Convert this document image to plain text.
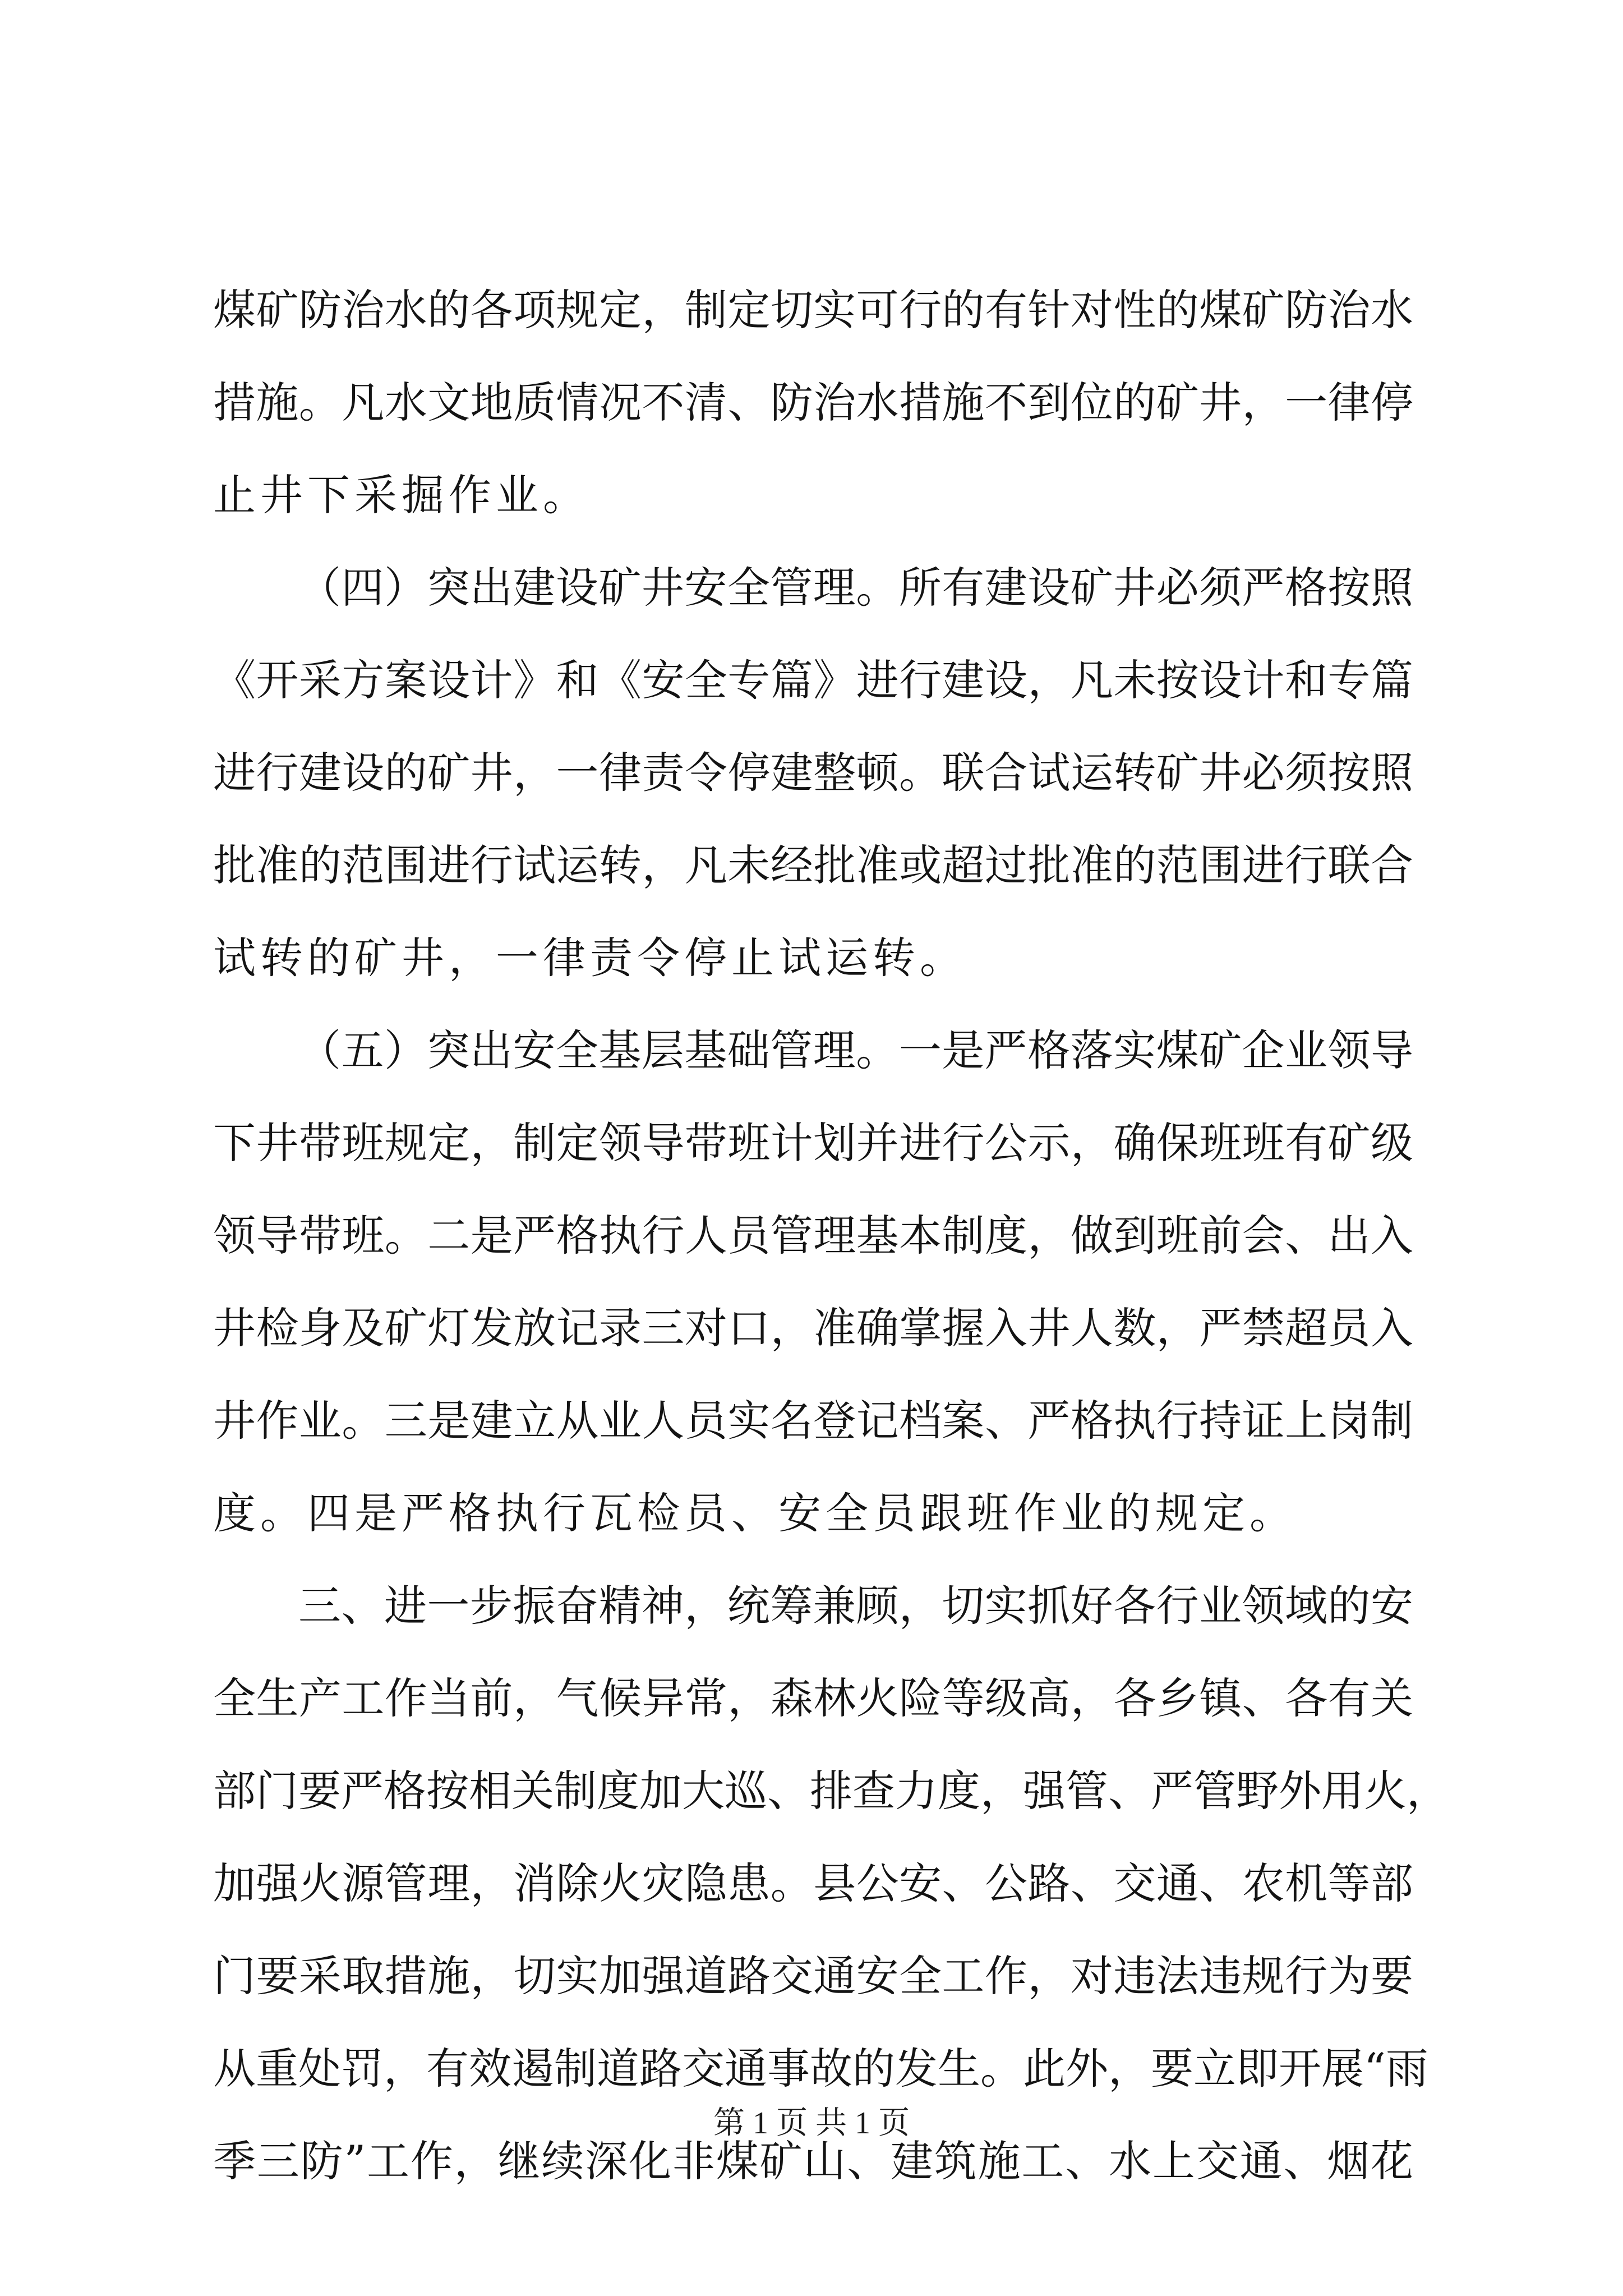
煤矿防治水的各项规定，制定切实可行的有针对性的煤矿防治水
措施。凡水文地质情况不清、防治水措施不到位的矿井，一律停
止井下采掘作业。
（四）突出建设矿井安全管理。所有建设矿井必须严格按照
《开采方案设计》和《安全专篇》进行建设，凡未按设计和专篇
进行建设的矿井，一律责令停建整顿。联合试运转矿井必须按照
批准的范围进行试运转，凡未经批准或超过批准的范围进行联合
试转的矿井，一律责令停止试运转。
（五）突出安全基层基础管理。一是严格落实煤矿企业领导
下井带班规定，制定领导带班计划并进行公示，确保班班有矿级
领导带班。二是严格执行人员管理基本制度，做到班前会、出入
井检身及矿灯发放记录三对口，准确掌握入井人数，严禁超员入
井作业。三是建立从业人员实名登记档案、严格执行持证上岗制
度。四是严格执行瓦检员、安全员跟班作业的规定。
三、进一步振奋精神，统筹兼顾，切实抓好各行业领域的安
全生产工作当前，气候异常，森林火险等级高，各乡镇、各有关
部门要严格按相关制度加大巡、排查力度，强管、严管野外用火，
加强火源管理，消除火灾隐患。县公安、公路、交通、农机等部
门要采取措施，切实加强道路交通安全工作，对违法违规行为要
从重处罚，有效遏制道路交通事故的发生。此外，要立即开展“雨
季三防”工作，继续深化非煤矿山、建筑施工、水上交通、烟花
第 1 页 共 1 页
